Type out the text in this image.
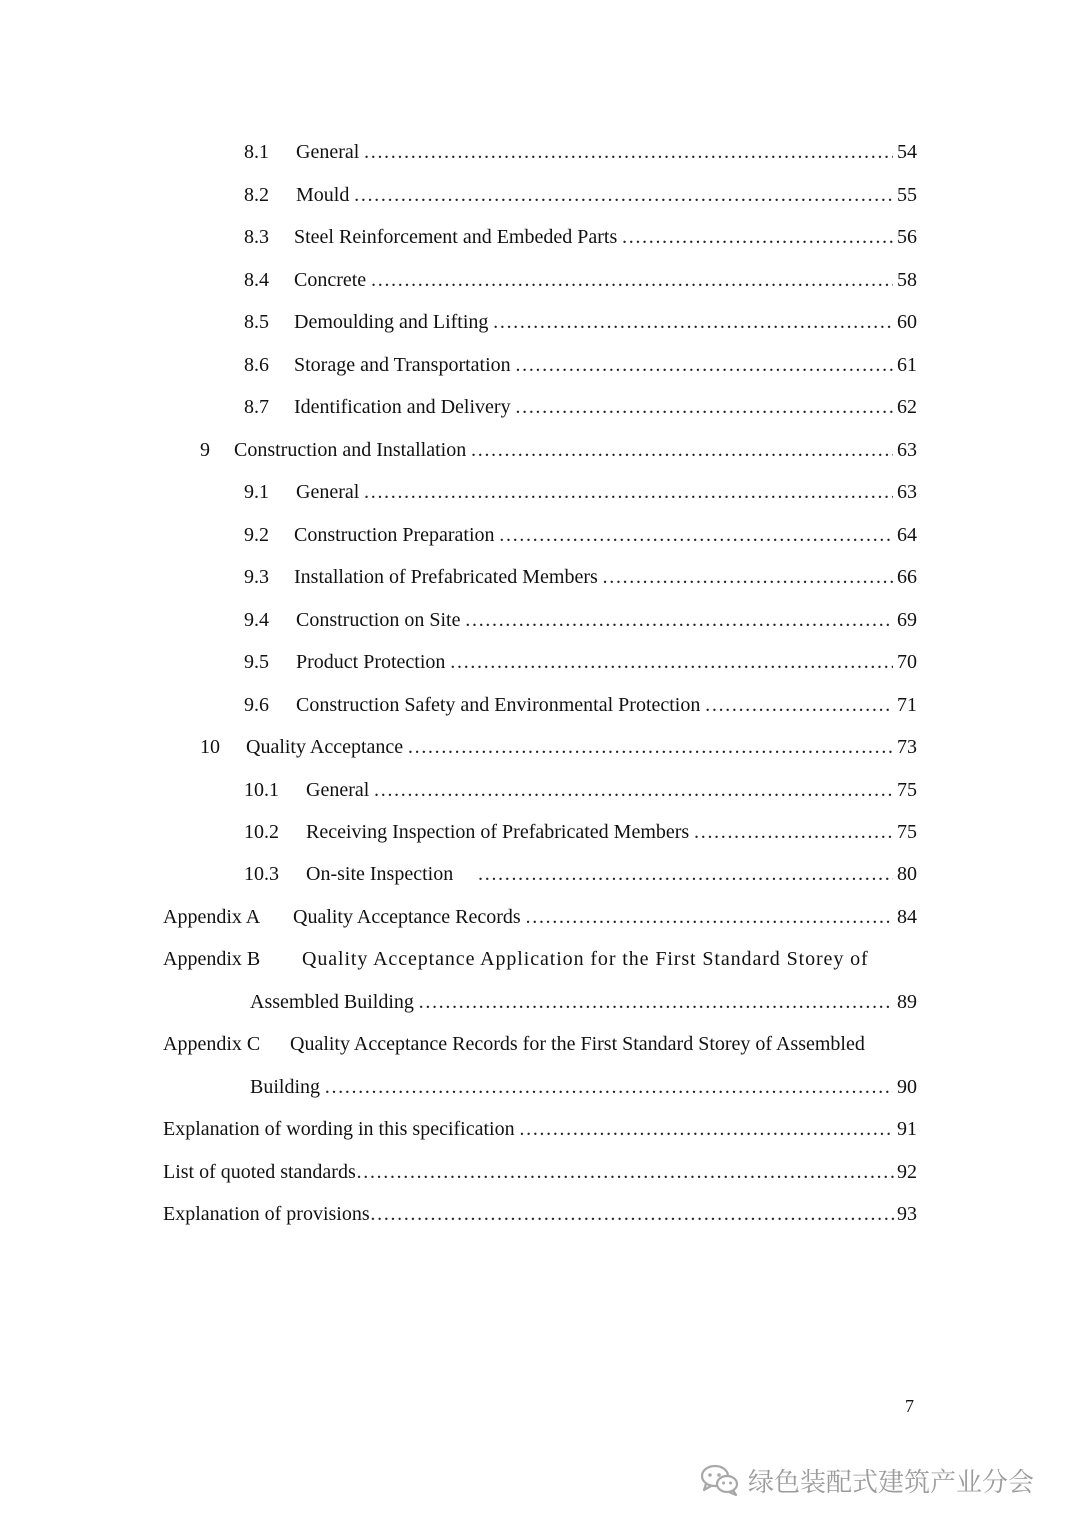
8.1	General ……………………………………………………………………………………………………………………………………………………	54
8.2	Mould ……………………………………………………………………………………………………………………………………………………	55
8.3	Steel Reinforcement and Embeded Parts ……………………………………………………………………………………………………………………………………………………	56
8.4	Concrete ……………………………………………………………………………………………………………………………………………………	58
8.5	Demoulding and Lifting ……………………………………………………………………………………………………………………………………………………	60
8.6	Storage and Transportation ……………………………………………………………………………………………………………………………………………………	61
8.7	Identification and Delivery ……………………………………………………………………………………………………………………………………………………	62
9	Construction and Installation ……………………………………………………………………………………………………………………………………………………	63
9.1	General ……………………………………………………………………………………………………………………………………………………	63
9.2	Construction Preparation ……………………………………………………………………………………………………………………………………………………	64
9.3	Installation of Prefabricated Members ……………………………………………………………………………………………………………………………………………………	66
9.4	Construction on Site ……………………………………………………………………………………………………………………………………………………	69
9.5	Product Protection ……………………………………………………………………………………………………………………………………………………	70
9.6	Construction Safety and Environmental Protection ……………………………………………………………………………………………………………………………………………………	71
10	Quality Acceptance ……………………………………………………………………………………………………………………………………………………	73
10.1	General ……………………………………………………………………………………………………………………………………………………	75
10.2	Receiving Inspection of Prefabricated Members ……………………………………………………………………………………………………………………………………………………	75
10.3	On-site Inspection ……………………………………………………………………………………………………………………………………………………	80
Appendix A	Quality Acceptance Records ……………………………………………………………………………………………………………………………………………………	84
Appendix B	Quality Acceptance Application for the First Standard Storey of
Assembled Building ……………………………………………………………………………………………………………………………………………………	89
Appendix C	Quality Acceptance Records for the First Standard Storey of Assembled
Building ……………………………………………………………………………………………………………………………………………………	90
Explanation of wording in this specification ……………………………………………………………………………………………………………………………………………………	91
List of quoted standards ……………………………………………………………………………………………………………………………………………………	92
Explanation of provisions ……………………………………………………………………………………………………………………………………………………	93
7
绿色装配式建筑产业分会
